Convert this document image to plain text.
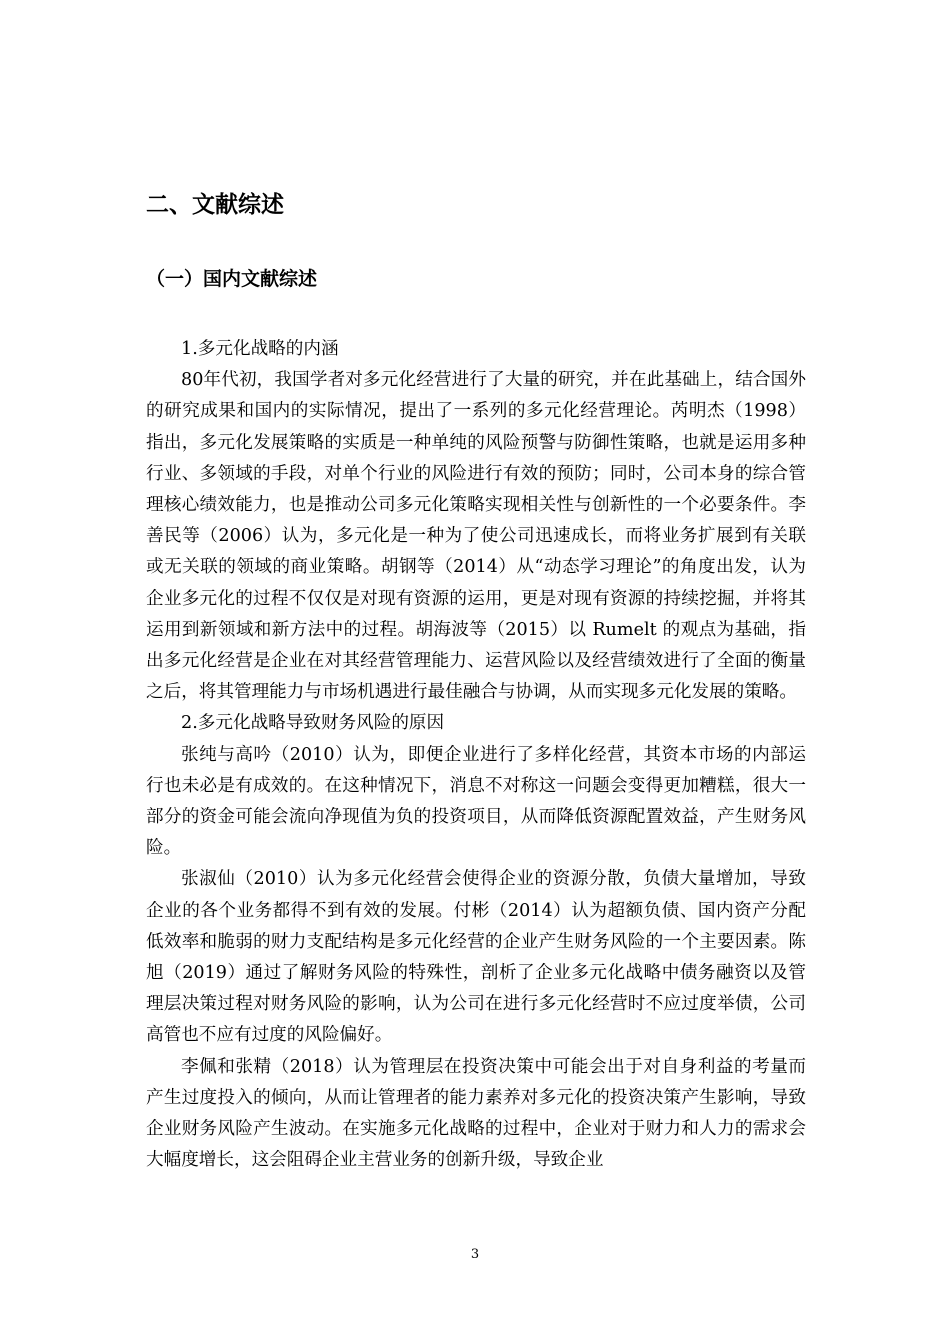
二、文献综述
（一）国内文献综述

1.多元化战略的内涵

80年代初，我国学者对多元化经营进行了大量的研究，并在此基础上，结合国外的研究成果和国内的实际情况，提出了一系列的多元化经营理论。芮明杰（1998）指出，多元化发展策略的实质是一种单纯的风险预警与防御性策略，也就是运用多种行业、多领域的手段，对单个行业的风险进行有效的预防；同时，公司本身的综合管理核心绩效能力，也是推动公司多元化策略实现相关性与创新性的一个必要条件。李善民等（2006）认为，多元化是一种为了使公司迅速成长，而将业务扩展到有关联或无关联的领域的商业策略。胡钢等（2014）从“动态学习理论”的角度出发，认为企业多元化的过程不仅仅是对现有资源的运用，更是对现有资源的持续挖掘，并将其运用到新领域和新方法中的过程。胡海波等（2015）以 Rumelt 的观点为基础，指出多元化经营是企业在对其经营管理能力、运营风险以及经营绩效进行了全面的衡量之后，将其管理能力与市场机遇进行最佳融合与协调，从而实现多元化发展的策略。

2.多元化战略导致财务风险的原因

张纯与高吟（2010）认为，即便企业进行了多样化经营，其资本市场的内部运行也未必是有成效的。在这种情况下，消息不对称这一问题会变得更加糟糕，很大一部分的资金可能会流向净现值为负的投资项目，从而降低资源配置效益，产生财务风险。

张淑仙（2010）认为多元化经营会使得企业的资源分散，负债大量增加，导致企业的各个业务都得不到有效的发展。付彬（2014）认为超额负债、国内资产分配低效率和脆弱的财力支配结构是多元化经营的企业产生财务风险的一个主要因素。陈旭（2019）通过了解财务风险的特殊性，剖析了企业多元化战略中债务融资以及管理层决策过程对财务风险的影响，认为公司在进行多元化经营时不应过度举债，公司高管也不应有过度的风险偏好。

李佩和张精（2018）认为管理层在投资决策中可能会出于对自身利益的考量而产生过度投入的倾向，从而让管理者的能力素养对多元化的投资决策产生影响，导致企业财务风险产生波动。在实施多元化战略的过程中，企业对于财力和人力的需求会大幅度增长，这会阻碍企业主营业务的创新升级，导致企业

3
